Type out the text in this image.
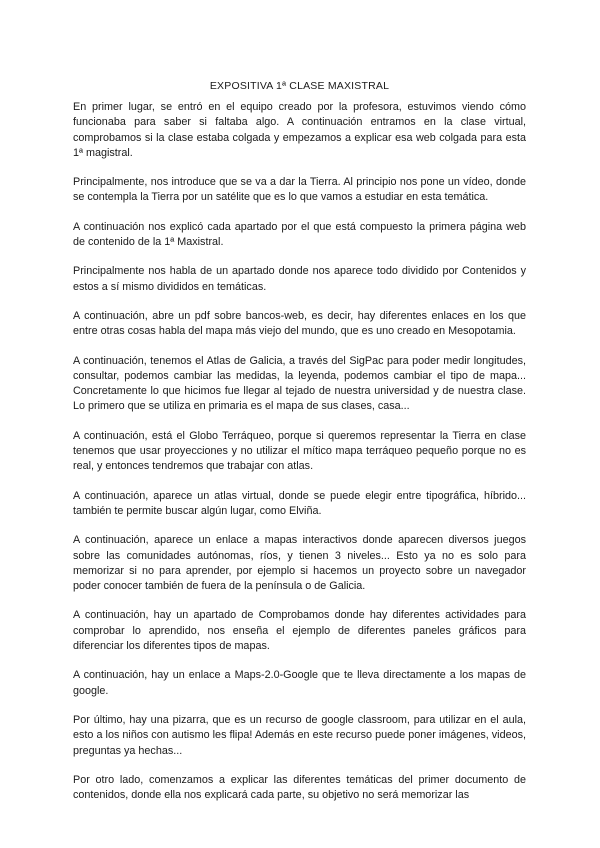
EXPOSITIVA 1ª CLASE MAXISTRAL

En primer lugar, se entró en el equipo creado por la profesora, estuvimos viendo cómo funcionaba para saber si faltaba algo. A continuación entramos en la clase virtual, comprobamos si la clase estaba colgada y empezamos a explicar esa web colgada para esta 1ª magistral.

Principalmente, nos introduce que se va a dar la Tierra. Al principio nos pone un vídeo, donde se contempla la Tierra por un satélite que es lo que vamos a estudiar en esta temática.

A continuación nos explicó cada apartado por el que está compuesto la primera página web de contenido de la 1ª Maxistral.

Principalmente nos habla de un apartado donde nos aparece todo dividido por Contenidos y estos a sí mismo divididos en temáticas.

A continuación, abre un pdf sobre bancos-web, es decir, hay diferentes enlaces en los que entre otras cosas habla del mapa más viejo del mundo, que es uno creado en Mesopotamia.

A continuación, tenemos el Atlas de Galicia, a través del SigPac para poder medir longitudes, consultar, podemos cambiar las medidas, la leyenda, podemos cambiar el tipo de mapa... Concretamente lo que hicimos fue llegar al tejado de nuestra universidad y de nuestra clase. Lo primero que se utiliza en primaria es el mapa de sus clases, casa...

A continuación, está el Globo Terráqueo, porque si queremos representar la Tierra en clase tenemos que usar proyecciones y no utilizar el mítico mapa terráqueo pequeño porque no es real, y entonces tendremos que trabajar con atlas.

A continuación, aparece un atlas virtual, donde se puede elegir entre tipográfica, híbrido... también te permite buscar algún lugar, como Elviña.

A continuación, aparece un enlace a mapas interactivos donde aparecen diversos juegos sobre las comunidades autónomas, ríos, y tienen 3 niveles... Esto ya no es solo para memorizar si no para aprender, por ejemplo si hacemos un proyecto sobre un navegador poder conocer también de fuera de la península o de Galicia.

A continuación, hay un apartado de Comprobamos donde hay diferentes actividades para comprobar lo aprendido, nos enseña el ejemplo de diferentes paneles gráficos para diferenciar los diferentes tipos de mapas.

A continuación, hay un enlace a Maps-2.0-Google que te lleva directamente a los mapas de google.

Por último, hay una pizarra, que es un recurso de google classroom, para utilizar en el aula, esto a los niños con autismo les flipa! Además en este recurso puede poner imágenes, videos, preguntas ya hechas...

Por otro lado, comenzamos a explicar las diferentes temáticas del primer documento de contenidos, donde ella nos explicará cada parte, su objetivo no será memorizar las
